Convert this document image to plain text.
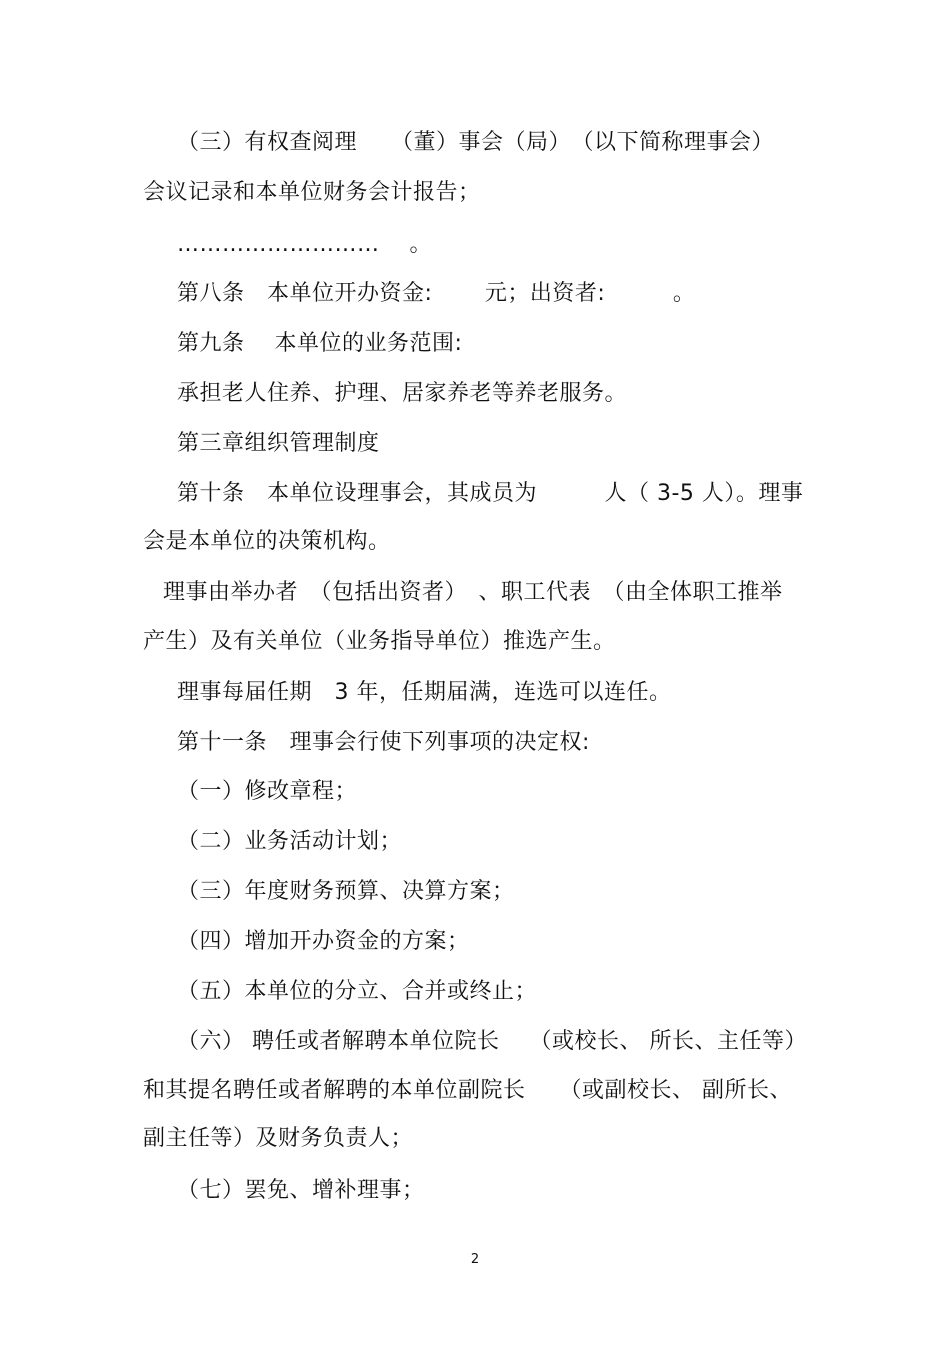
（三）有权查阅理　　（董）事会（局）　（以下简称理事会）
会议记录和本单位财务会计报告；
………………………　 。
第八条　本单位开办资金:　　 元；出资者:　　　。
第九条　 本单位的业务范围:
承担老人住养、护理、居家养老等养老服务。
第三章组织管理制度
第十条　本单位设理事会，其成员为　　　人（ 3-5 人）。理事
会是本单位的决策机构。
理事由举办者　（包括出资者）　、职工代表　（由全体职工推举
产生）及有关单位（业务指导单位）推选产生。
理事每届任期　3 年，任期届满，连选可以连任。
第十一条　理事会行使下列事项的决定权:
（一）修改章程；
（二）业务活动计划；
（三）年度财务预算、决算方案；
（四）增加开办资金的方案；
（五）本单位的分立、合并或终止；
（六） 聘任或者解聘本单位院长　 （或校长、 所长、主任等）
和其提名聘任或者解聘的本单位副院长　　（或副校长、 副所长、
副主任等）及财务负责人；
（七）罢免、增补理事；
2
